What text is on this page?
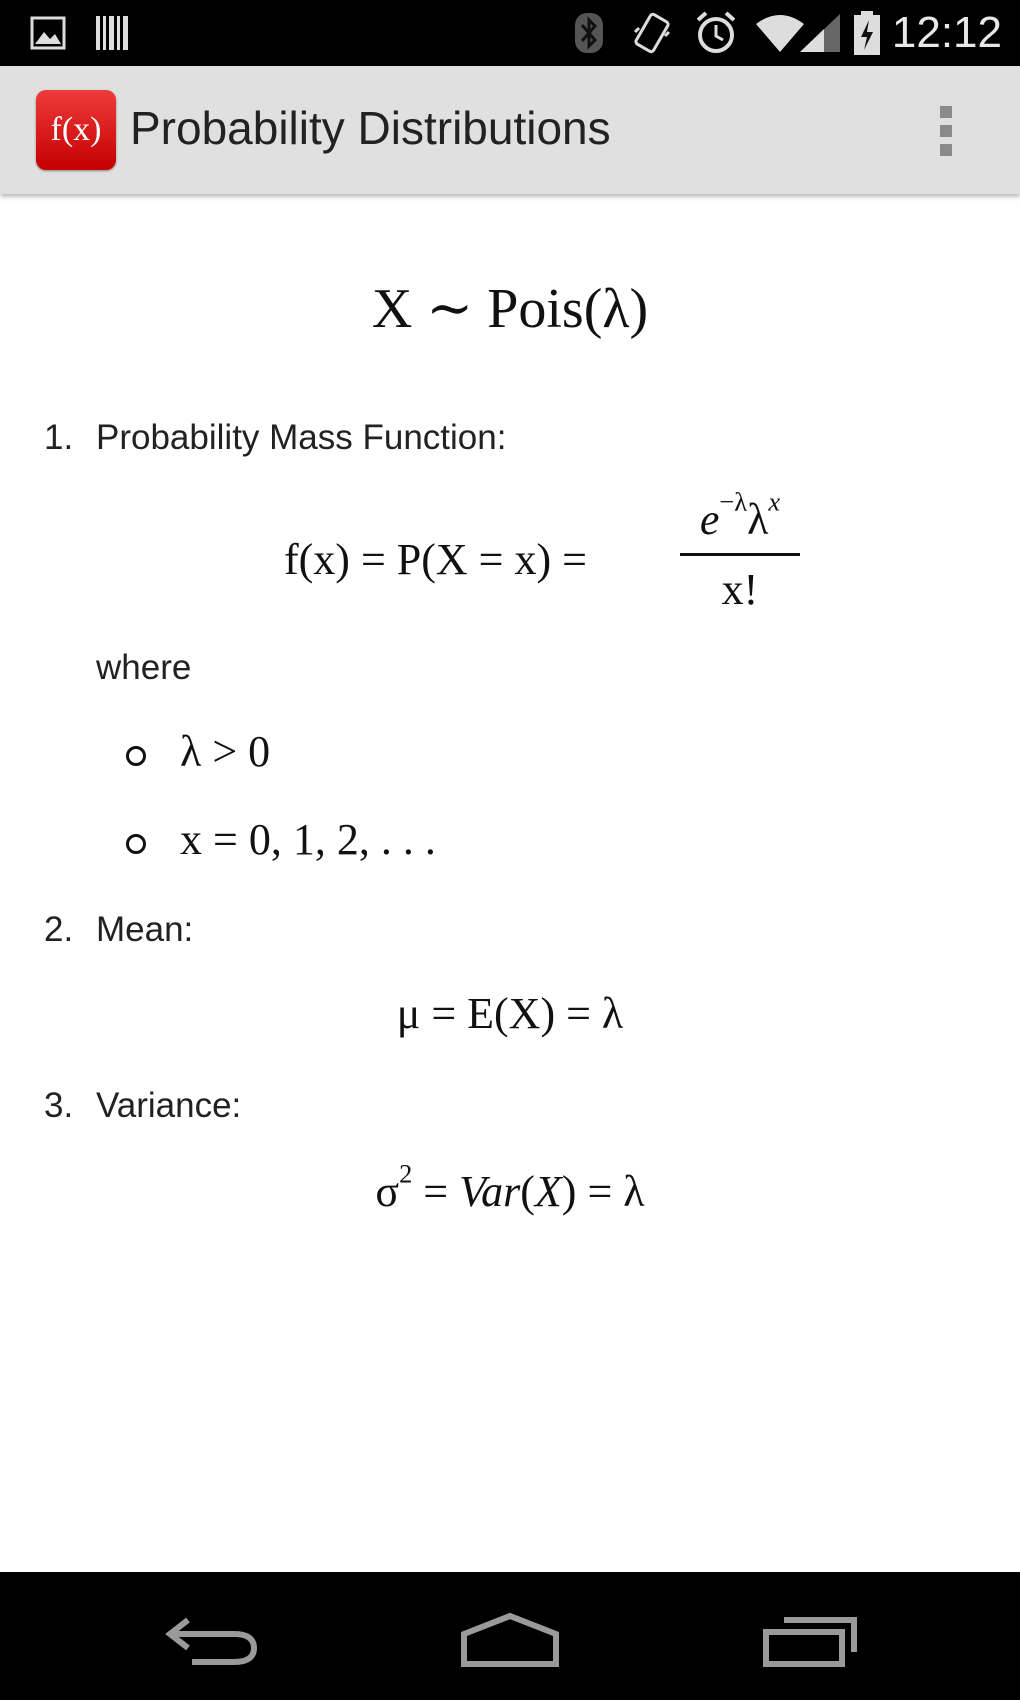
12:12
f(x) Probability Distributions
X ∼ Pois(λ)
1. Probability Mass Function:
f(x) = P(X = x) =
$e^{-\lambda}\lambda^x$
x!
where
λ > 0
x = 0, 1, 2, . . .
2. Mean:
μ = E(X) = λ
3. Variance:
$\sigma^2 = Var(X) = \lambda$
